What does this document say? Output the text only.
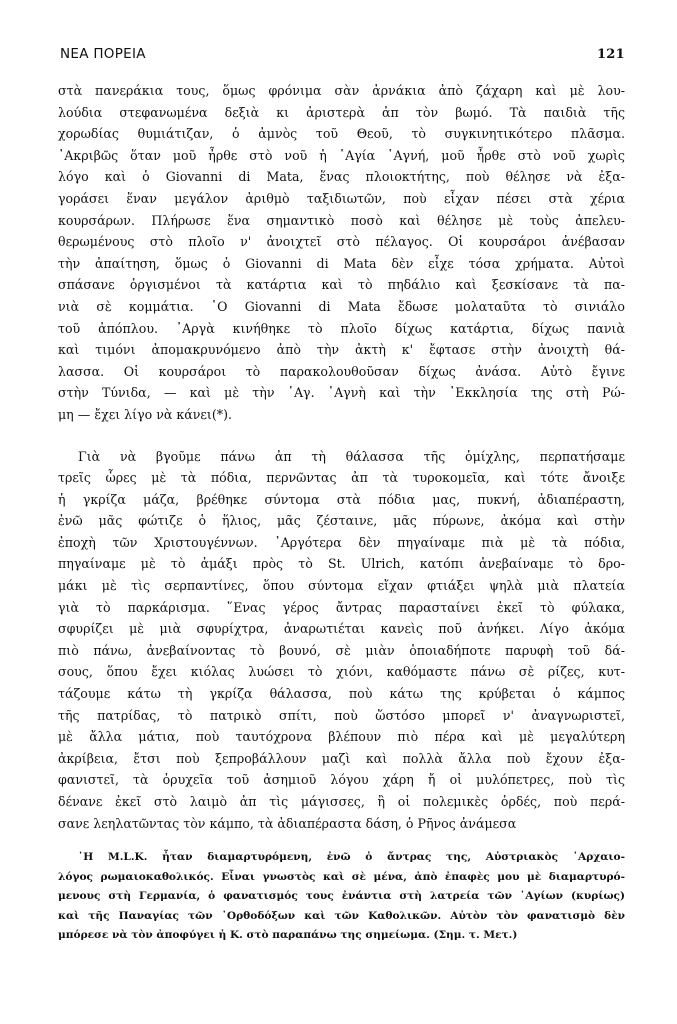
ΝΕΑ ΠΟΡΕΙΑ	121
στὰ πανεράκια τους, ὅμως φρόνιμα σὰν ἀρνάκια ἀπὸ ζάχαρη καὶ μὲ λου-
λούδια στεφανωμένα δεξιὰ κι ἀριστερὰ ἀπ τὸν βωμό. Τὰ παιδιὰ τῆς
χορωδίας θυμιάτιζαν, ὁ ἀμνὸς τοῦ Θεοῦ, τὸ συγκινητικότερο πλᾶσμα.
᾿Ακριβῶς ὅταν μοῦ ἦρθε στὸ νοῦ ἡ ῾Αγία ῾Αγνή, μοῦ ἦρθε στὸ νοῦ χωρὶς
λόγο καὶ ὁ Giovanni di Mata, ἕνας πλοιοκτήτης, ποὺ θέλησε νὰ ἐξα-
γοράσει ἕναν μεγάλον ἀριθμὸ ταξιδιωτῶν, ποὺ εἶχαν πέσει στὰ χέρια
κουρσάρων. Πλήρωσε ἕνα σημαντικὸ ποσὸ καὶ θέλησε μὲ τοὺς ἀπελευ-
θερωμένους στὸ πλοῖο ν' ἀνοιχτεῖ στὸ πέλαγος. Οἱ κουρσάροι ἀνέβασαν
τὴν ἀπαίτηση, ὅμως ὁ Giovanni di Mata δὲν εἶχε τόσα χρήματα. Αὐτοὶ
σπάσανε ὀργισμένοι τὰ κατάρτια καὶ τὸ πηδάλιο καὶ ξεσκίσανε τὰ πα-
νιὰ σὲ κομμάτια. ῾Ο Giovanni di Mata ἔδωσε μολαταῦτα τὸ σινιάλο
τοῦ ἀπόπλου. ᾿Αργὰ κινήθηκε τὸ πλοῖο δίχως κατάρτια, δίχως πανιὰ
καὶ τιμόνι ἀπομακρυνόμενο ἀπὸ τὴν ἀκτὴ κ' ἔφτασε στὴν ἀνοιχτὴ θά-
λασσα. Οἱ κουρσάροι τὸ παρακολουθοῦσαν δίχως ἀνάσα. Αὐτὸ ἔγινε
στὴν Τύνιδα, — καὶ μὲ τὴν ῾Αγ. ῾Αγνὴ καὶ τὴν ᾿Εκκλησία της στὴ Ρώ-
μη — ἔχει λίγο νὰ κάνει(*).
Γιὰ νὰ βγοῦμε πάνω ἀπ τὴ θάλασσα τῆς ὁμίχλης, περπατήσαμε
τρεῖς ὧρες μὲ τὰ πόδια, περνῶντας ἀπ τὰ τυροκομεῖα, καὶ τότε ἄνοιξε
ἡ γκρίζα μάζα, βρέθηκε σύντομα στὰ πόδια μας, πυκνή, ἀδιαπέραστη,
ἐνῶ μᾶς φώτιζε ὁ ἥλιος, μᾶς ζέσταινε, μᾶς πύρωνε, ἀκόμα καὶ στὴν
ἐποχὴ τῶν Χριστουγέννων. ᾿Αργότερα δὲν πηγαίναμε πιὰ μὲ τὰ πόδια,
πηγαίναμε μὲ τὸ ἁμάξι πρὸς τὸ St. Ulrich, κατόπι ἀνεβαίναμε τὸ δρο-
μάκι μὲ τὶς σερπαντίνες, ὅπου σύντομα εἴχαν φτιάξει ψηλὰ μιὰ πλατεία
γιὰ τὸ παρκάρισμα. ῞Ενας γέρος ἄντρας παρασταίνει ἐκεῖ τὸ φύλακα,
σφυρίζει μὲ μιὰ σφυρίχτρα, ἀναρωτιέται κανεὶς ποῦ ἀνήκει. Λίγο ἀκόμα
πιὸ πάνω, ἀνεβαίνοντας τὸ βουνό, σὲ μιὰν ὁποιαδήποτε παρυφὴ τοῦ δά-
σους, ὅπου ἔχει κιόλας λυώσει τὸ χιόνι, καθόμαστε πάνω σὲ ρίζες, κυτ-
τάζουμε κάτω τὴ γκρίζα θάλασσα, ποὺ κάτω της κρύβεται ὁ κάμπος
τῆς πατρίδας, τὸ πατρικὸ σπίτι, ποὺ ὥστόσο μπορεῖ ν' ἀναγνωριστεῖ,
μὲ ἄλλα μάτια, ποὺ ταυτόχρονα βλέπουν πιὸ πέρα καὶ μὲ μεγαλύτερη
ἀκρίβεια, ἔτσι ποὺ ξεπροβάλλουν μαζὶ καὶ πολλὰ ἄλλα ποὺ ἔχουν ἐξα-
φανιστεῖ, τὰ ὀρυχεῖα τοῦ ἀσημιοῦ λόγου χάρη ἤ οἱ μυλόπετρες, ποὺ τὶς
δένανε ἐκεῖ στὸ λαιμὸ ἀπ τὶς μάγισσες, ἢ οἱ πολεμικὲς ὀρδές, ποὺ περά-
σανε λεηλατῶντας τὸν κάμπο, τὰ ἀδιαπέραστα δάση, ὁ Ρῆνος ἀνάμεσα
῾Η M.L.K. ἦταν διαμαρτυρόμενη, ἐνῶ ὁ ἄντρας της, Αὐστριακὸς ᾿Αρχαιο-
λόγος ρωμαιοκαθολικός. Εἶναι γνωστὸς καὶ σὲ μένα, ἀπὸ ἐπαφὲς μου μὲ διαμαρτυρό-
μενους στὴ Γερμανία, ὁ φανατισμός τους ἐνάντια στὴ λατρεία τῶν ῾Αγίων (κυρίως)
καὶ τῆς Παναγίας τῶν ᾿Ορθοδόξων καὶ τῶν Καθολικῶν. Αὐτὸν τὸν φανατισμὸ δὲν
μπόρεσε νὰ τὸν ἀποφύγει ἡ Κ. στὸ παραπάνω της σημείωμα. (Σημ. τ. Μετ.)
